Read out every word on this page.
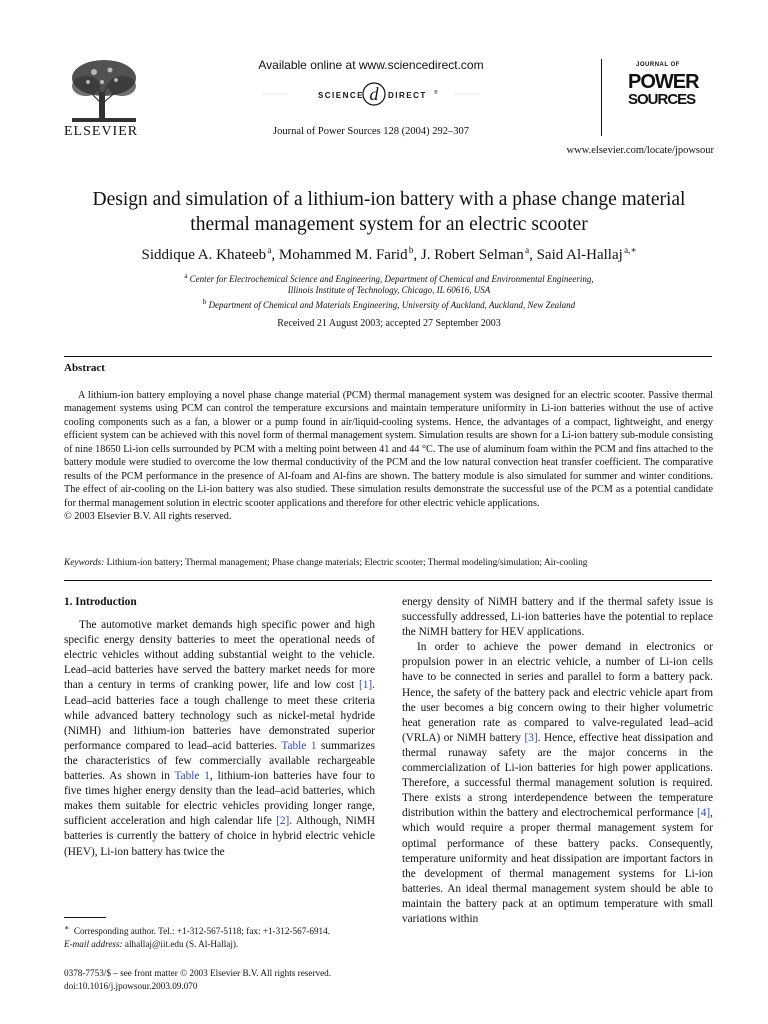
ELSEVIER
Available online at www.sciencedirect.com
SCIENCE d DIRECT ®
Journal of Power Sources 128 (2004) 292–307
JOURNAL OF
POWER
SOURCES
www.elsevier.com/locate/jpowsour
Design and simulation of a lithium-ion battery with a phase change material thermal management system for an electric scooter
Siddique A. Khateeb $^a$, Mohammed M. Farid $^b$, J. Robert Selman $^a$, Said Al-Hallaj $^{a,∗}$
$^a$ Center for Electrochemical Science and Engineering, Department of Chemical and Environmental Engineering,
Illinois Institute of Technology, Chicago, IL 60616, USA
$^b$ Department of Chemical and Materials Engineering, University of Auckland, Auckland, New Zealand
Received 21 August 2003; accepted 27 September 2003
Abstract

A lithium-ion battery employing a novel phase change material (PCM) thermal management system was designed for an electric scooter. Passive thermal management systems using PCM can control the temperature excursions and maintain temperature uniformity in Li-ion batteries without the use of active cooling components such as a fan, a blower or a pump found in air/liquid-cooling systems. Hence, the advantages of a compact, lightweight, and energy efficient system can be achieved with this novel form of thermal management system. Simulation results are shown for a Li-ion battery sub-module consisting of nine 18650 Li-ion cells surrounded by PCM with a melting point between 41 and 44 °C. The use of aluminum foam within the PCM and fins attached to the battery module were studied to overcome the low thermal conductivity of the PCM and the low natural convection heat transfer coefficient. The comparative results of the PCM performance in the presence of Al-foam and Al-fins are shown. The battery module is also simulated for summer and winter conditions. The effect of air-cooling on the Li-ion battery was also studied. These simulation results demonstrate the successful use of the PCM as a potential candidate for thermal management solution in electric scooter applications and therefore for other electric vehicle applications.

© 2003 Elsevier B.V. All rights reserved.
Keywords: Lithium-ion battery; Thermal management; Phase change materials; Electric scooter; Thermal modeling/simulation; Air-cooling
1. Introduction

The automotive market demands high specific power and high specific energy density batteries to meet the operational needs of electric vehicles without adding substantial weight to the vehicle. Lead–acid batteries have served the battery market needs for more than a century in terms of cranking power, life and low cost [1]. Lead–acid batteries face a tough challenge to meet these criteria while advanced battery technology such as nickel-metal hydride (NiMH) and lithium-ion batteries have demonstrated superior performance compared to lead–acid batteries. Table 1 summarizes the characteristics of few commercially available rechargeable batteries. As shown in Table 1, lithium-ion batteries have four to five times higher energy density than the lead–acid batteries, which makes them suitable for electric vehicles providing longer range, sufficient acceleration and high calendar life [2]. Although, NiMH batteries is currently the battery of choice in hybrid electric vehicle (HEV), Li-ion battery has twice the

energy density of NiMH battery and if the thermal safety issue is successfully addressed, Li-ion batteries have the potential to replace the NiMH battery for HEV applications.

In order to achieve the power demand in electronics or propulsion power in an electric vehicle, a number of Li-ion cells have to be connected in series and parallel to form a battery pack. Hence, the safety of the battery pack and electric vehicle apart from the user becomes a big concern owing to their higher volumetric heat generation rate as compared to valve-regulated lead–acid (VRLA) or NiMH battery [3]. Hence, effective heat dissipation and thermal runaway safety are the major concerns in the commercialization of Li-ion batteries for high power applications. Therefore, a successful thermal management solution is required. There exists a strong interdependence between the temperature distribution within the battery and electrochemical performance [4], which would require a proper thermal management system for optimal performance of these battery packs. Consequently, temperature uniformity and heat dissipation are important factors in the development of thermal management systems for Li-ion batteries. An ideal thermal management system should be able to maintain the battery pack at an optimum temperature with small variations within

∗ Corresponding author. Tel.: +1-312-567-5118; fax: +1-312-567-6914.
E-mail address: alhallaj@iit.edu (S. Al-Hallaj).
0378-7753/$ – see front matter © 2003 Elsevier B.V. All rights reserved.
doi:10.1016/j.jpowsour.2003.09.070
